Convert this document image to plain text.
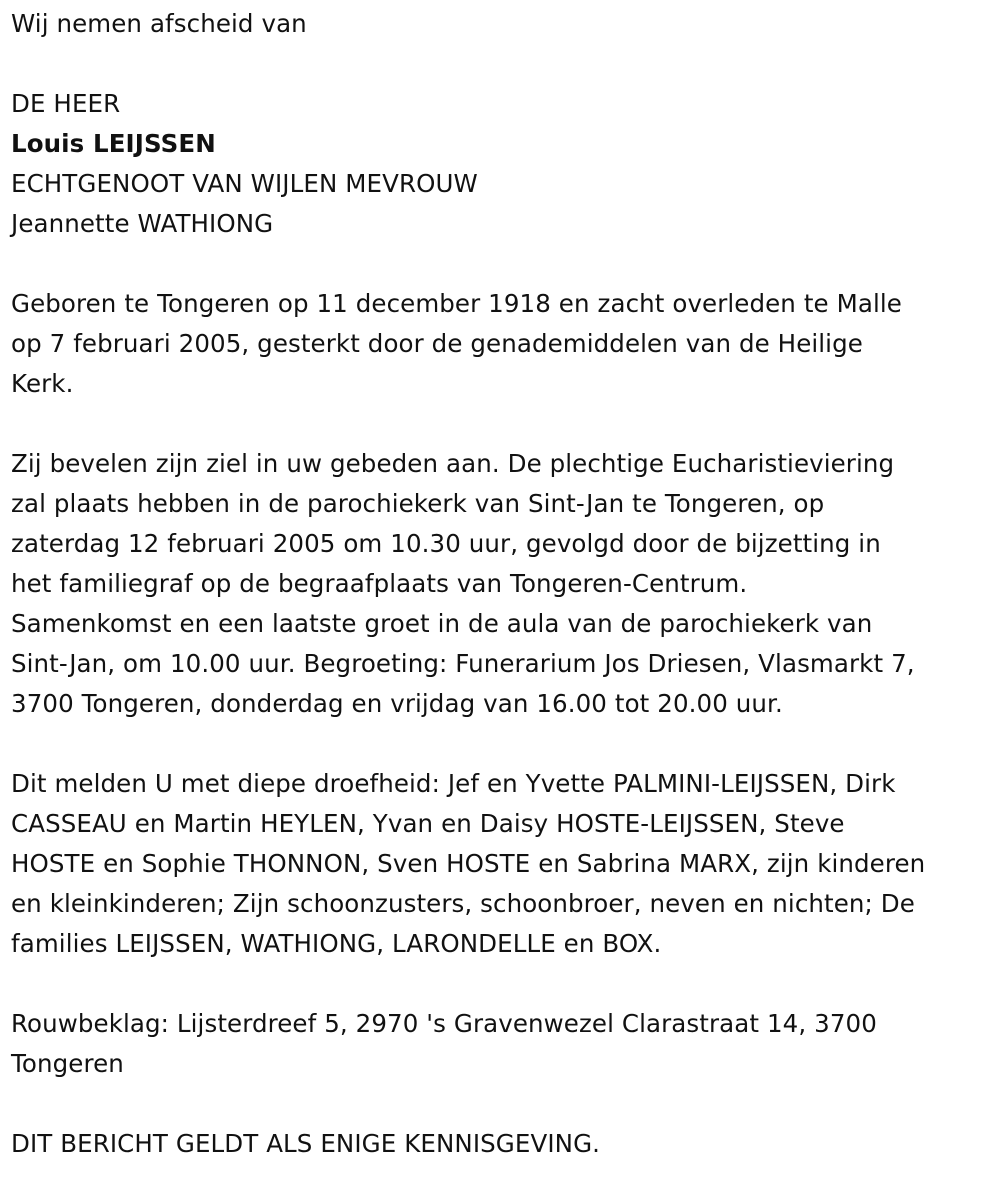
Wij nemen afscheid van
DE HEER
Louis LEIJSSEN
ECHTGENOOT VAN WIJLEN MEVROUW
Jeannette WATHIONG
Geboren te Tongeren op 11 december 1918 en zacht overleden te Malle
op 7 februari 2005, gesterkt door de genademiddelen van de Heilige
Kerk.
Zij bevelen zijn ziel in uw gebeden aan. De plechtige Eucharistieviering
zal plaats hebben in de parochiekerk van Sint-Jan te Tongeren, op
zaterdag 12 februari 2005 om 10.30 uur, gevolgd door de bijzetting in
het familiegraf op de begraafplaats van Tongeren-Centrum.
Samenkomst en een laatste groet in de aula van de parochiekerk van
Sint-Jan, om 10.00 uur. Begroeting: Funerarium Jos Driesen, Vlasmarkt 7,
3700 Tongeren, donderdag en vrijdag van 16.00 tot 20.00 uur.
Dit melden U met diepe droefheid: Jef en Yvette PALMINI-LEIJSSEN, Dirk
CASSEAU en Martin HEYLEN, Yvan en Daisy HOSTE-LEIJSSEN, Steve
HOSTE en Sophie THONNON, Sven HOSTE en Sabrina MARX, zijn kinderen
en kleinkinderen; Zijn schoonzusters, schoonbroer, neven en nichten; De
families LEIJSSEN, WATHIONG, LARONDELLE en BOX.
Rouwbeklag: Lijsterdreef 5, 2970 's Gravenwezel Clarastraat 14, 3700
Tongeren
DIT BERICHT GELDT ALS ENIGE KENNISGEVING.
